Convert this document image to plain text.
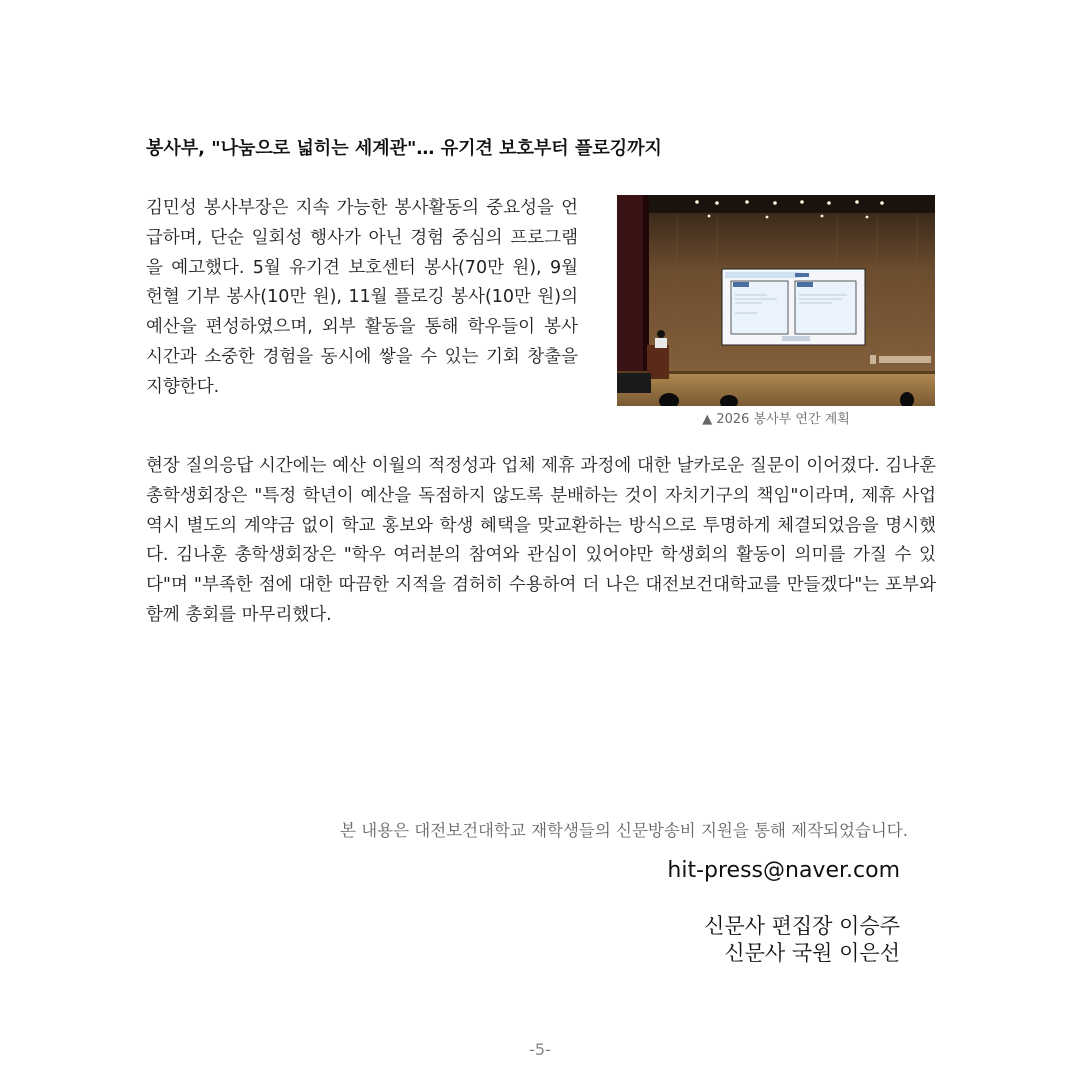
봉사부, "나눔으로 넓히는 세계관"… 유기견 보호부터 플로깅까지
김민성 봉사부장은 지속 가능한 봉사활동의 중요성을 언급하며, 단순 일회성 행사가 아닌 경험 중심의 프로그램을 예고했다. 5월 유기견 보호센터 봉사(70만 원), 9월 헌혈 기부 봉사(10만 원), 11월 플로깅 봉사(10만 원)의 예산을 편성하였으며, 외부 활동을 통해 학우들이 봉사 시간과 소중한 경험을 동시에 쌓을 수 있는 기회 창출을 지향한다.
▲ 2026 봉사부 연간 계획
현장 질의응답 시간에는 예산 이월의 적정성과 업체 제휴 과정에 대한 날카로운 질문이 이어졌다. 김나훈 총학생회장은 "특정 학년이 예산을 독점하지 않도록 분배하는 것이 자치기구의 책임"이라며, 제휴 사업 역시 별도의 계약금 없이 학교 홍보와 학생 혜택을 맞교환하는 방식으로 투명하게 체결되었음을 명시했다. 김나훈 총학생회장은 "학우 여러분의 참여와 관심이 있어야만 학생회의 활동이 의미를 가질 수 있다"며 "부족한 점에 대한 따끔한 지적을 겸허히 수용하여 더 나은 대전보건대학교를 만들겠다"는 포부와 함께 총회를 마무리했다.
본 내용은 대전보건대학교 재학생들의 신문방송비 지원을 통해 제작되었습니다.
hit-press@naver.com
신문사 편집장 이승주
신문사 국원 이은선
-5-
